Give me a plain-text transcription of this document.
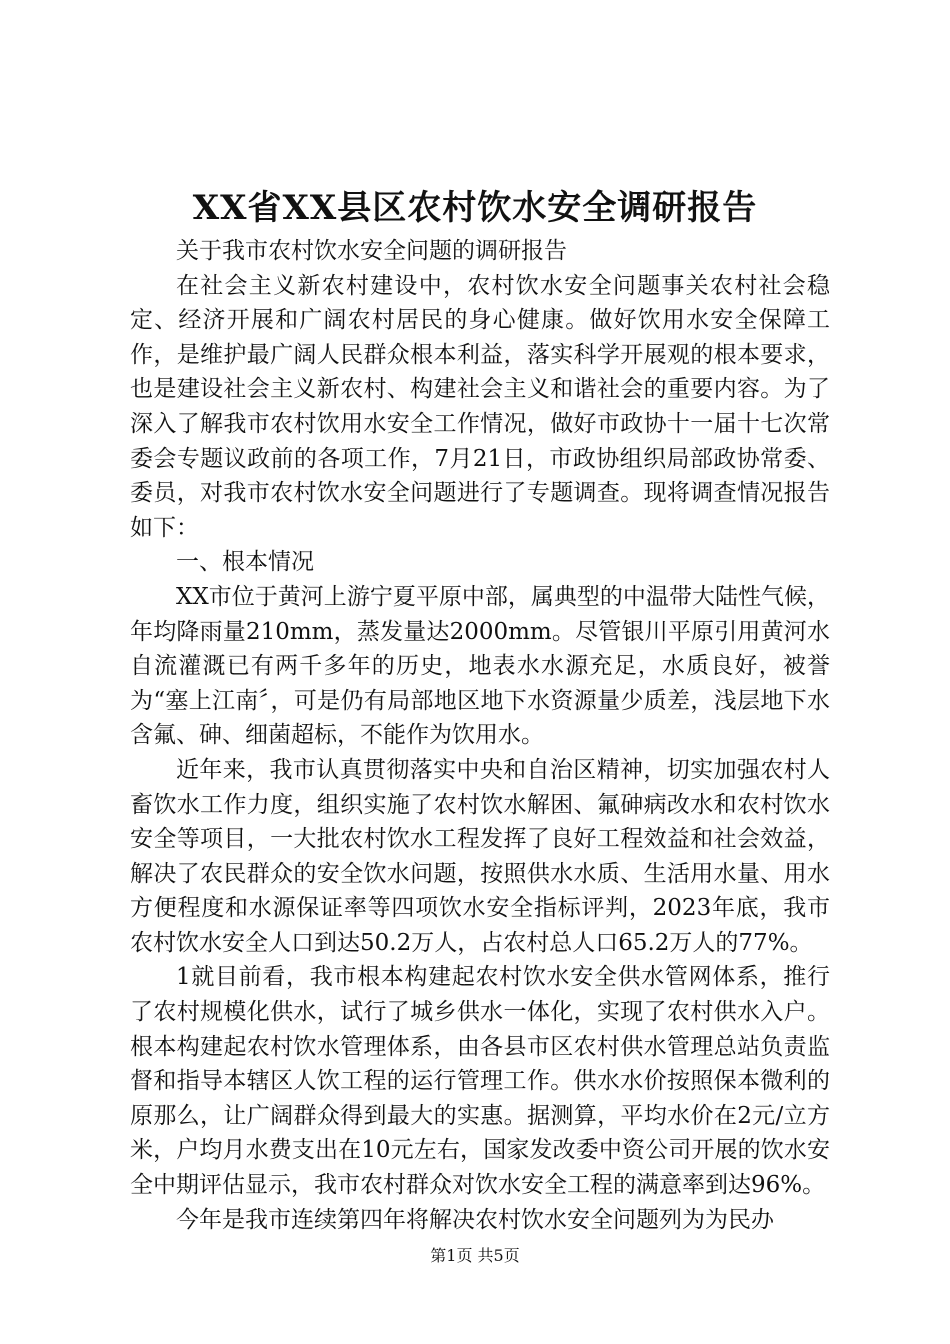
XX省XX县区农村饮水安全调研报告

关于我市农村饮水安全问题的调研报告

在社会主义新农村建设中，农村饮水安全问题事关农村社会稳定、经济开展和广阔农村居民的身心健康。做好饮用水安全保障工作，是维护最广阔人民群众根本利益，落实科学开展观的根本要求，也是建设社会主义新农村、构建社会主义和谐社会的重要内容。为了深入了解我市农村饮用水安全工作情况，做好市政协十一届十七次常委会专题议政前的各项工作，7月21日，市政协组织局部政协常委、委员，对我市农村饮水安全问题进行了专题调查。现将调查情况报告如下：

一、根本情况

XX市位于黄河上游宁夏平原中部，属典型的中温带大陆性气候，年均降雨量210mm，蒸发量达2000mm。尽管银川平原引用黄河水自流灌溉已有两千多年的历史，地表水水源充足，水质良好，被誉为“塞上江南〞，可是仍有局部地区地下水资源量少质差，浅层地下水含氟、砷、细菌超标，不能作为饮用水。

近年来，我市认真贯彻落实中央和自治区精神，切实加强农村人畜饮水工作力度，组织实施了农村饮水解困、氟砷病改水和农村饮水安全等项目，一大批农村饮水工程发挥了良好工程效益和社会效益，解决了农民群众的安全饮水问题，按照供水水质、生活用水量、用水方便程度和水源保证率等四项饮水安全指标评判，2023年底，我市农村饮水安全人口到达50.2万人，占农村总人口65.2万人的77%。

1就目前看，我市根本构建起农村饮水安全供水管网体系，推行了农村规模化供水，试行了城乡供水一体化，实现了农村供水入户。根本构建起农村饮水管理体系，由各县市区农村供水管理总站负责监督和指导本辖区人饮工程的运行管理工作。供水水价按照保本微利的原那么，让广阔群众得到最大的实惠。据测算，平均水价在2元/立方米，户均月水费支出在10元左右，国家发改委中资公司开展的饮水安全中期评估显示，我市农村群众对饮水安全工程的满意率到达96%。

今年是我市连续第四年将解决农村饮水安全问题列为为民办

第1页 共5页
